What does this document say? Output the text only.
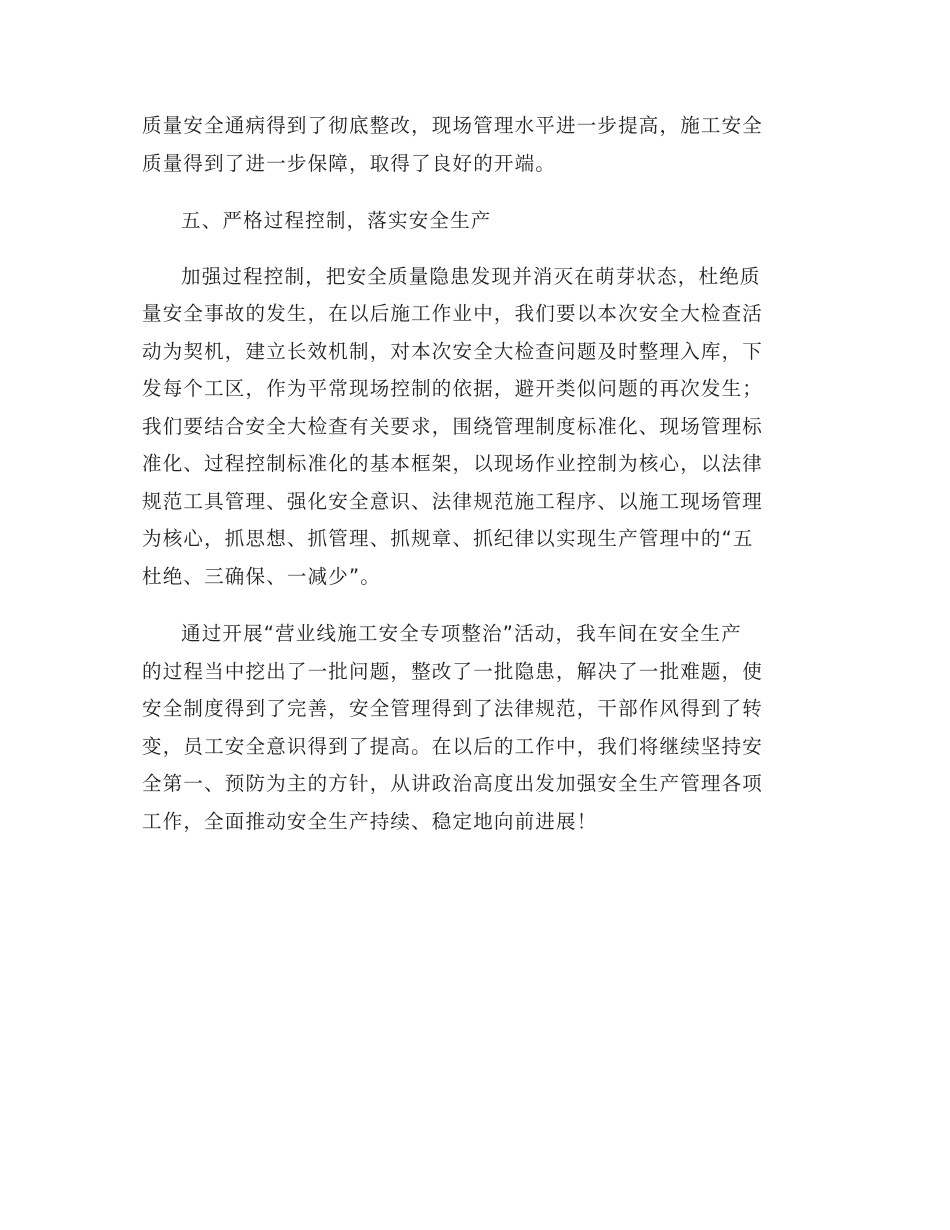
质量安全通病得到了彻底整改，现场管理水平进一步提高，施工安全
质量得到了进一步保障，取得了良好的开端。

五、严格过程控制，落实安全生产

加强过程控制，把安全质量隐患发现并消灭在萌芽状态，杜绝质
量安全事故的发生，在以后施工作业中，我们要以本次安全大检查活
动为契机，建立长效机制，对本次安全大检查问题及时整理入库，下
发每个工区，作为平常现场控制的依据，避开类似问题的再次发生；
我们要结合安全大检查有关要求，围绕管理制度标准化、现场管理标
准化、过程控制标准化的基本框架，以现场作业控制为核心，以法律
规范工具管理、强化安全意识、法律规范施工程序、以施工现场管理
为核心，抓思想、抓管理、抓规章、抓纪律以实现生产管理中的“五
杜绝、三确保、一减少”。

通过开展“营业线施工安全专项整治”活动，我车间在安全生产
的过程当中挖出了一批问题，整改了一批隐患，解决了一批难题，使
安全制度得到了完善，安全管理得到了法律规范，干部作风得到了转
变，员工安全意识得到了提高。在以后的工作中，我们将继续坚持安
全第一、预防为主的方针，从讲政治高度出发加强安全生产管理各项
工作，全面推动安全生产持续、稳定地向前进展！
